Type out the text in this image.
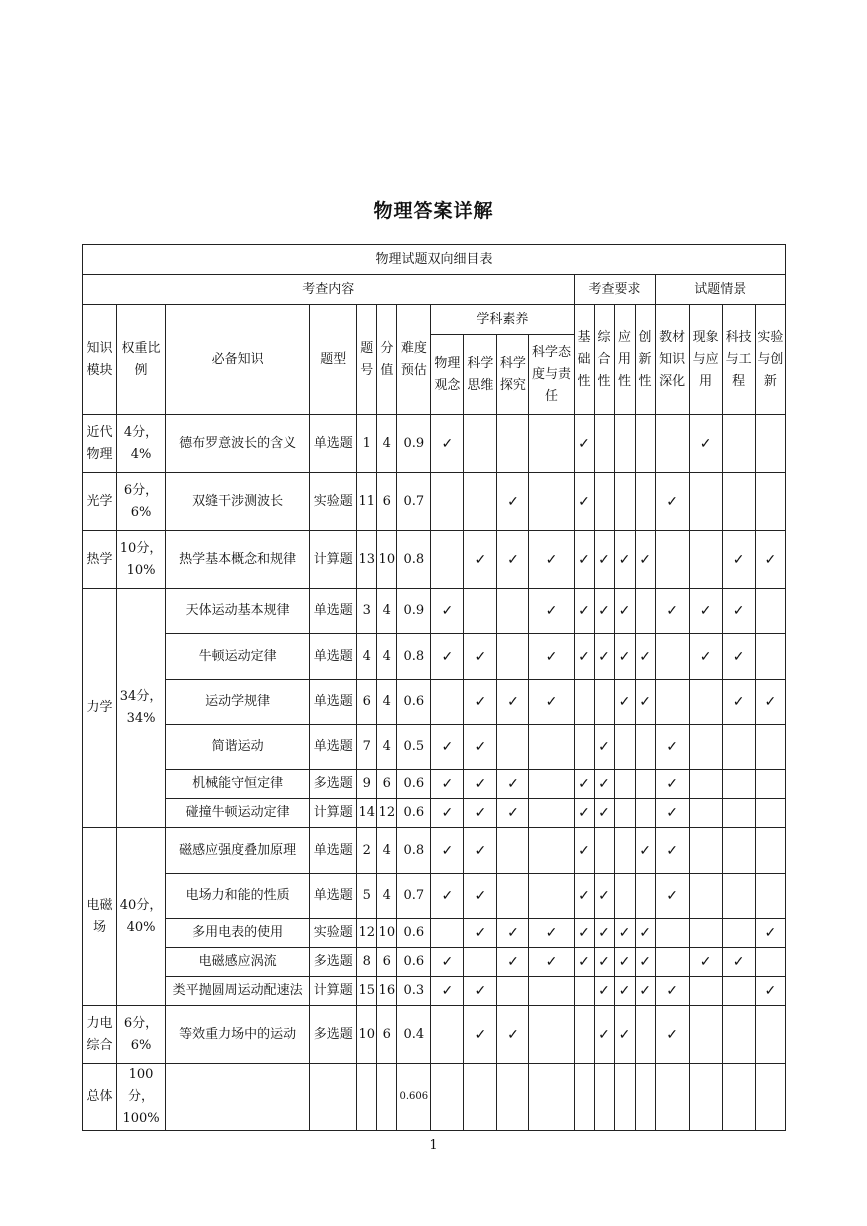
物理答案详解
物理试题双向细目表																		
考查内容											考查要求				试题情景			
知识模块	权重比例	必备知识	题型	题号	分值	难度预估	学科素养				基础性	综合性	应用性	创新性	教材知识深化	现象与应用	科技与工程	实验与创新
							物理观念	科学思维	科学探究	科学态度与责任								
近代物理	4分，4%	德布罗意波长的含义	单选题	1	4	0.9	✓				✓					✓		
光学	6分，6%	双缝干涉测波长	实验题	11	6	0.7			✓		✓				✓			
热学	10分，10%	热学基本概念和规律	计算题	13	10	0.8		✓	✓	✓	✓	✓	✓	✓			✓	✓
力学	34分，34%	天体运动基本规律	单选题	3	4	0.9	✓			✓	✓	✓	✓		✓	✓	✓	
		牛顿运动定律	单选题	4	4	0.8	✓	✓		✓	✓	✓	✓	✓		✓	✓	
		运动学规律	单选题	6	4	0.6		✓	✓	✓			✓	✓			✓	✓
		简谐运动	单选题	7	4	0.5	✓	✓				✓			✓			
		机械能守恒定律	多选题	9	6	0.6	✓	✓	✓		✓	✓			✓			
		碰撞牛顿运动定律	计算题	14	12	0.6	✓	✓	✓		✓	✓			✓			
电磁场	40分，40%	磁感应强度叠加原理	单选题	2	4	0.8	✓	✓			✓			✓	✓			
		电场力和能的性质	单选题	5	4	0.7	✓	✓			✓	✓			✓			
		多用电表的使用	实验题	12	10	0.6		✓	✓	✓	✓	✓	✓	✓				✓
		电磁感应涡流	多选题	8	6	0.6	✓		✓	✓	✓	✓	✓	✓		✓	✓	
		类平抛圆周运动配速法	计算题	15	16	0.3	✓	✓				✓	✓	✓	✓			✓
力电综合	6分，6%	等效重力场中的运动	多选题	10	6	0.4		✓	✓			✓	✓		✓			
总体	100分，100%					0.606												
1
